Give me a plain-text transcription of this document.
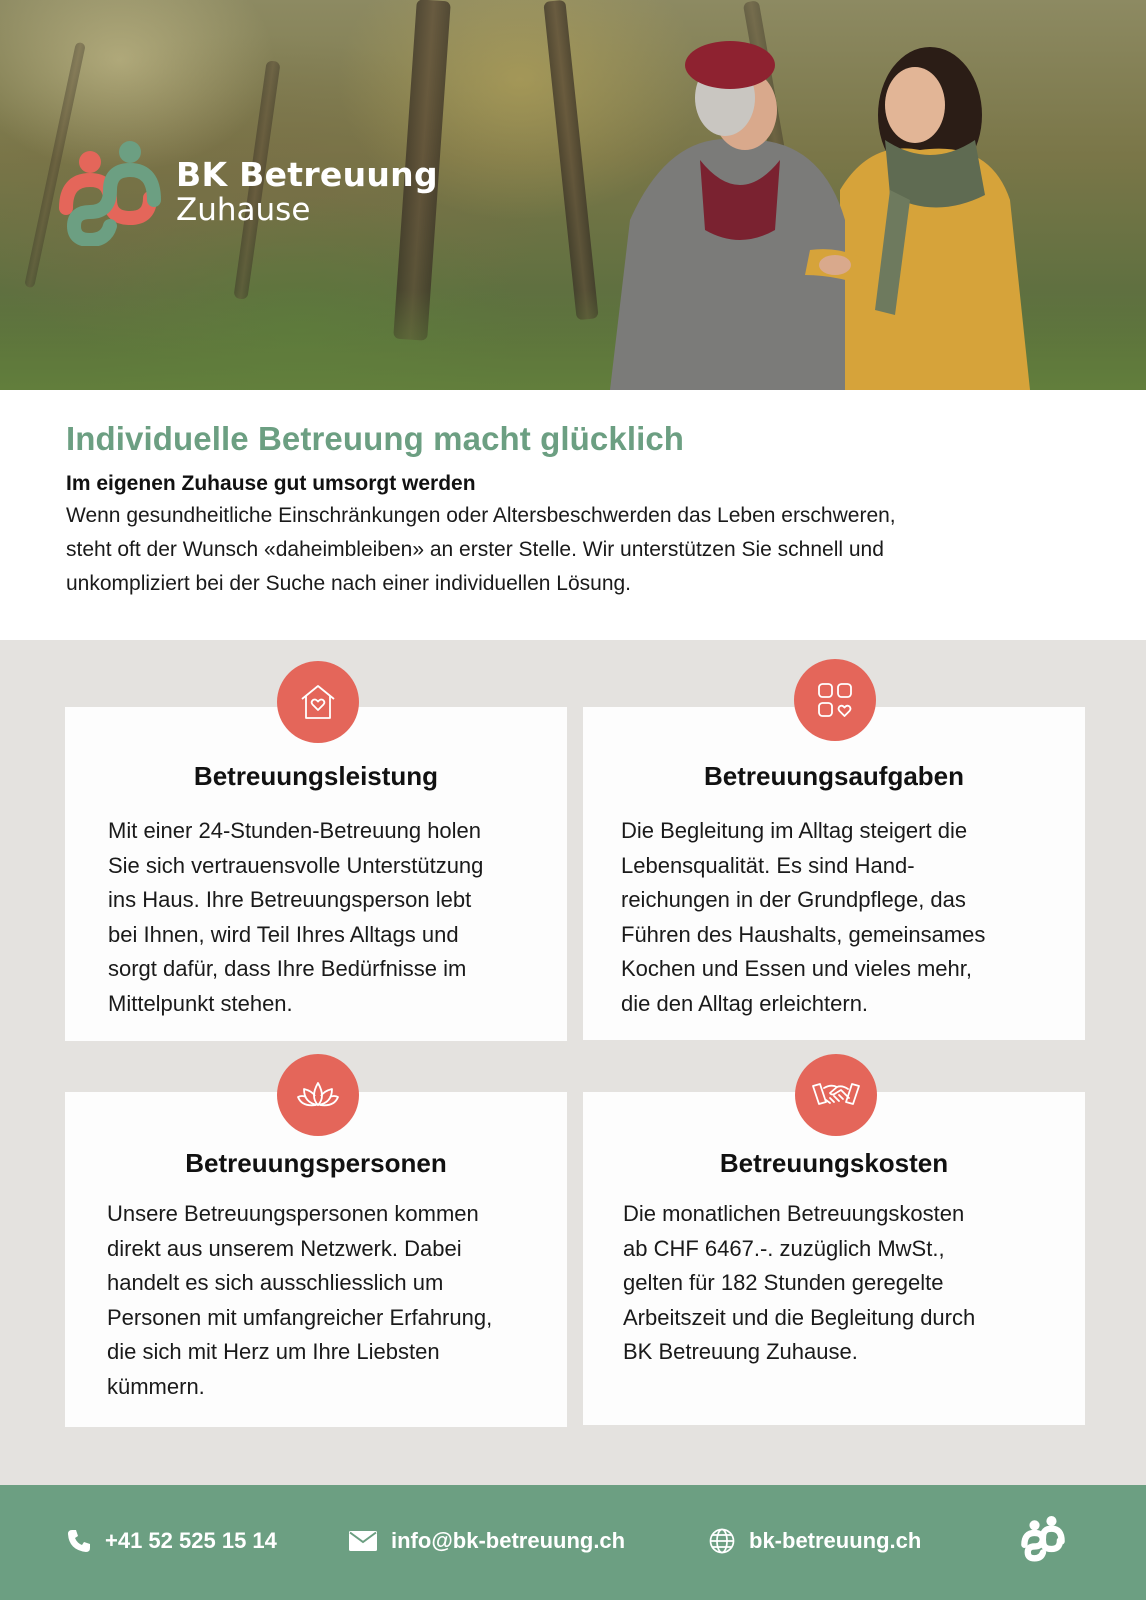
BK Betreuung
Zuhause
Individuelle Betreuung macht glücklich
Im eigenen Zuhause gut umsorgt werden

Wenn gesundheitliche Einschränkungen oder Altersbeschwerden das Leben erschweren,
steht oft der Wunsch «daheimbleiben» an erster Stelle. Wir unterstützen Sie schnell und
unkompliziert bei der Suche nach einer individuellen Lösung.

Betreuungsleistung

Mit einer 24-Stunden-Betreuung holen
Sie sich vertrauensvolle Unterstützung
ins Haus. Ihre Betreuungsperson lebt
bei Ihnen, wird Teil Ihres Alltags und
sorgt dafür, dass Ihre Bedürfnisse im
Mittelpunkt stehen.

Betreuungsaufgaben

Die Begleitung im Alltag steigert die
Lebensqualität. Es sind Hand-
reichungen in der Grundpflege, das
Führen des Haushalts, gemeinsames
Kochen und Essen und vieles mehr,
die den Alltag erleichtern.

Betreuungspersonen

Unsere Betreuungspersonen kommen
direkt aus unserem Netzwerk. Dabei
handelt es sich ausschliesslich um
Personen mit umfangreicher Erfahrung,
die sich mit Herz um Ihre Liebsten
kümmern.

Betreuungskosten

Die monatlichen Betreuungskosten
ab CHF 6467.-. zuzüglich MwSt.,
gelten für 182 Stunden geregelte
Arbeitszeit und die Begleitung durch
BK Betreuung Zuhause.

+41 52 525 15 14	info@bk-betreuung.ch	bk-betreuung.ch
